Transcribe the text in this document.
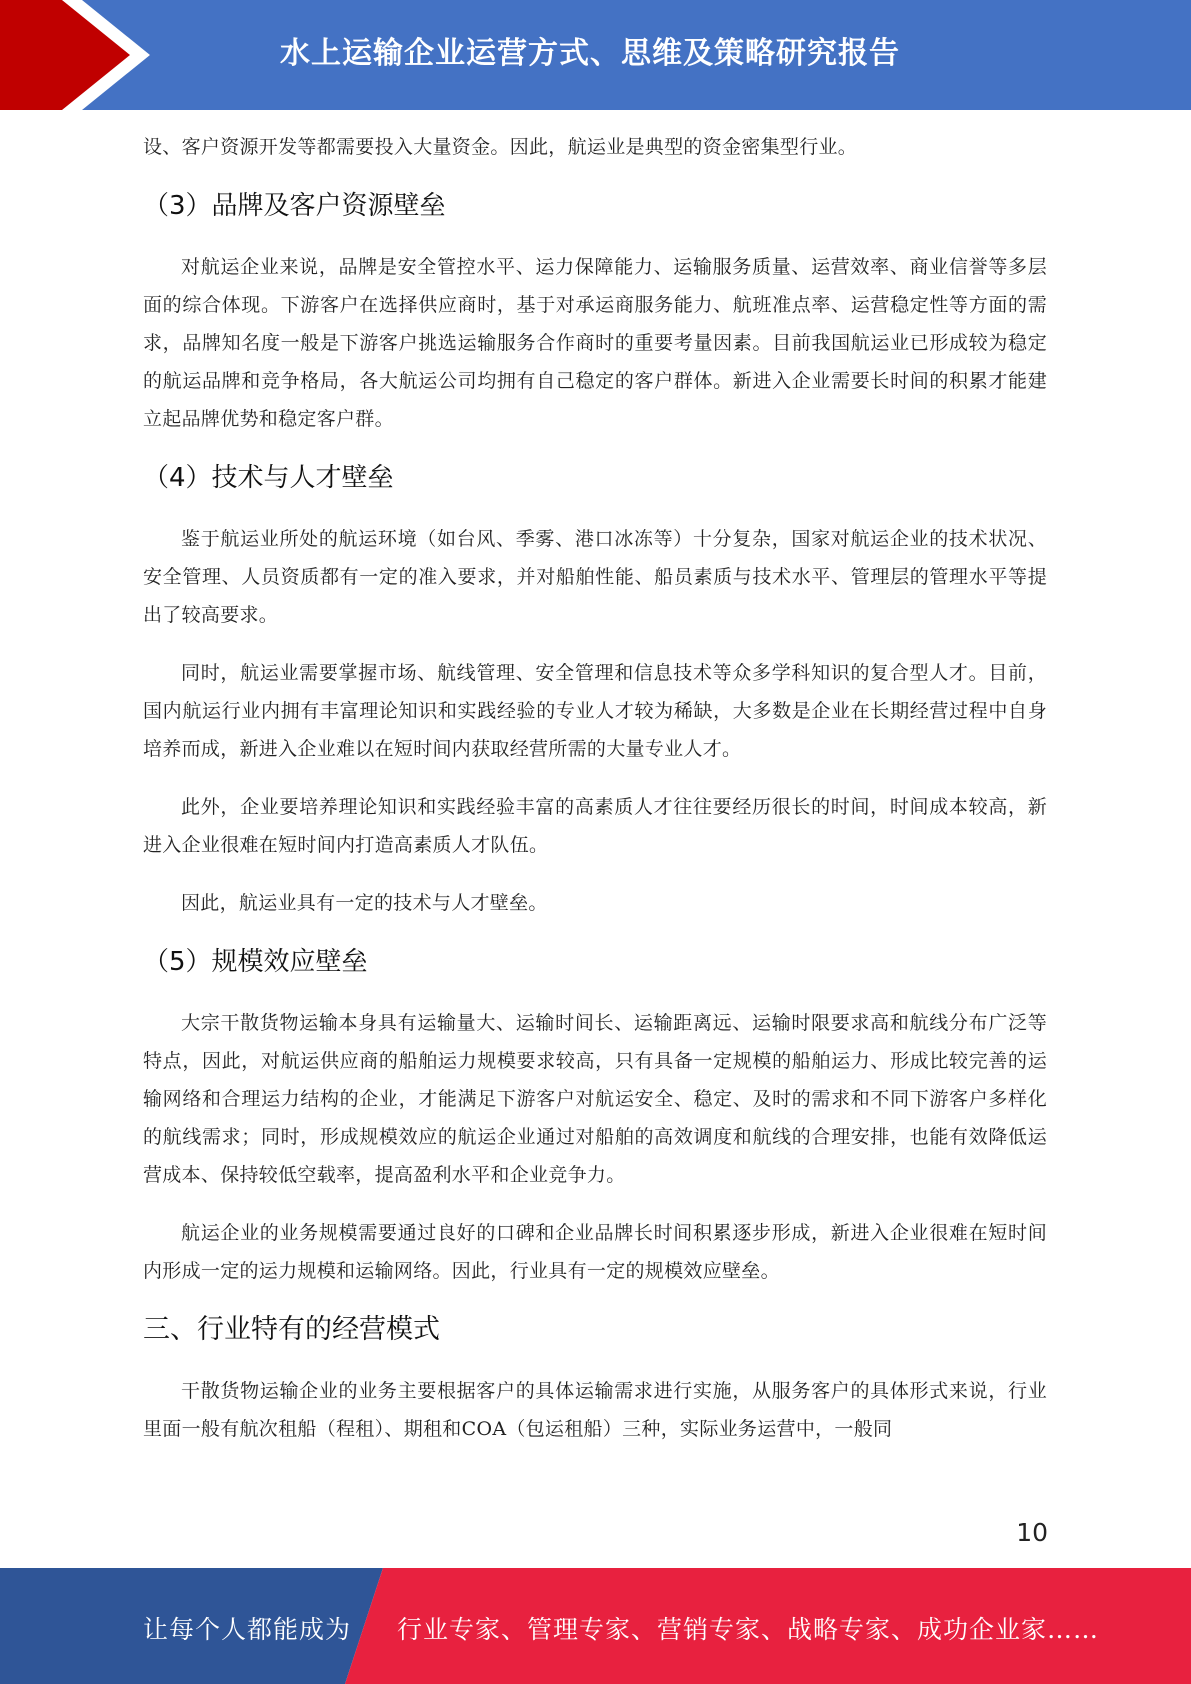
水上运输企业运营方式、思维及策略研究报告

设、客户资源开发等都需要投入大量资金。因此，航运业是典型的资金密集型行业。

（3）品牌及客户资源壁垒

对航运企业来说，品牌是安全管控水平、运力保障能力、运输服务质量、运营效率、商业信誉等多层面的综合体现。下游客户在选择供应商时，基于对承运商服务能力、航班准点率、运营稳定性等方面的需求，品牌知名度一般是下游客户挑选运输服务合作商时的重要考量因素。目前我国航运业已形成较为稳定的航运品牌和竞争格局，各大航运公司均拥有自己稳定的客户群体。新进入企业需要长时间的积累才能建立起品牌优势和稳定客户群。

（4）技术与人才壁垒

鉴于航运业所处的航运环境（如台风、季雾、港口冰冻等）十分复杂，国家对航运企业的技术状况、安全管理、人员资质都有一定的准入要求，并对船舶性能、船员素质与技术水平、管理层的管理水平等提出了较高要求。

同时，航运业需要掌握市场、航线管理、安全管理和信息技术等众多学科知识的复合型人才。目前，国内航运行业内拥有丰富理论知识和实践经验的专业人才较为稀缺，大多数是企业在长期经营过程中自身培养而成，新进入企业难以在短时间内获取经营所需的大量专业人才。

此外，企业要培养理论知识和实践经验丰富的高素质人才往往要经历很长的时间，时间成本较高，新进入企业很难在短时间内打造高素质人才队伍。

因此，航运业具有一定的技术与人才壁垒。

（5）规模效应壁垒

大宗干散货物运输本身具有运输量大、运输时间长、运输距离远、运输时限要求高和航线分布广泛等特点，因此，对航运供应商的船舶运力规模要求较高，只有具备一定规模的船舶运力、形成比较完善的运输网络和合理运力结构的企业，才能满足下游客户对航运安全、稳定、及时的需求和不同下游客户多样化的航线需求；同时，形成规模效应的航运企业通过对船舶的高效调度和航线的合理安排，也能有效降低运营成本、保持较低空载率，提高盈利水平和企业竞争力。

航运企业的业务规模需要通过良好的口碑和企业品牌长时间积累逐步形成，新进入企业很难在短时间内形成一定的运力规模和运输网络。因此，行业具有一定的规模效应壁垒。

三、行业特有的经营模式

干散货物运输企业的业务主要根据客户的具体运输需求进行实施，从服务客户的具体形式来说，行业里面一般有航次租船（程租）、期租和COA（包运租船）三种，实际业务运营中，一般同

10
让每个人都能成为 行业专家、管理专家、营销专家、战略专家、成功企业家……
